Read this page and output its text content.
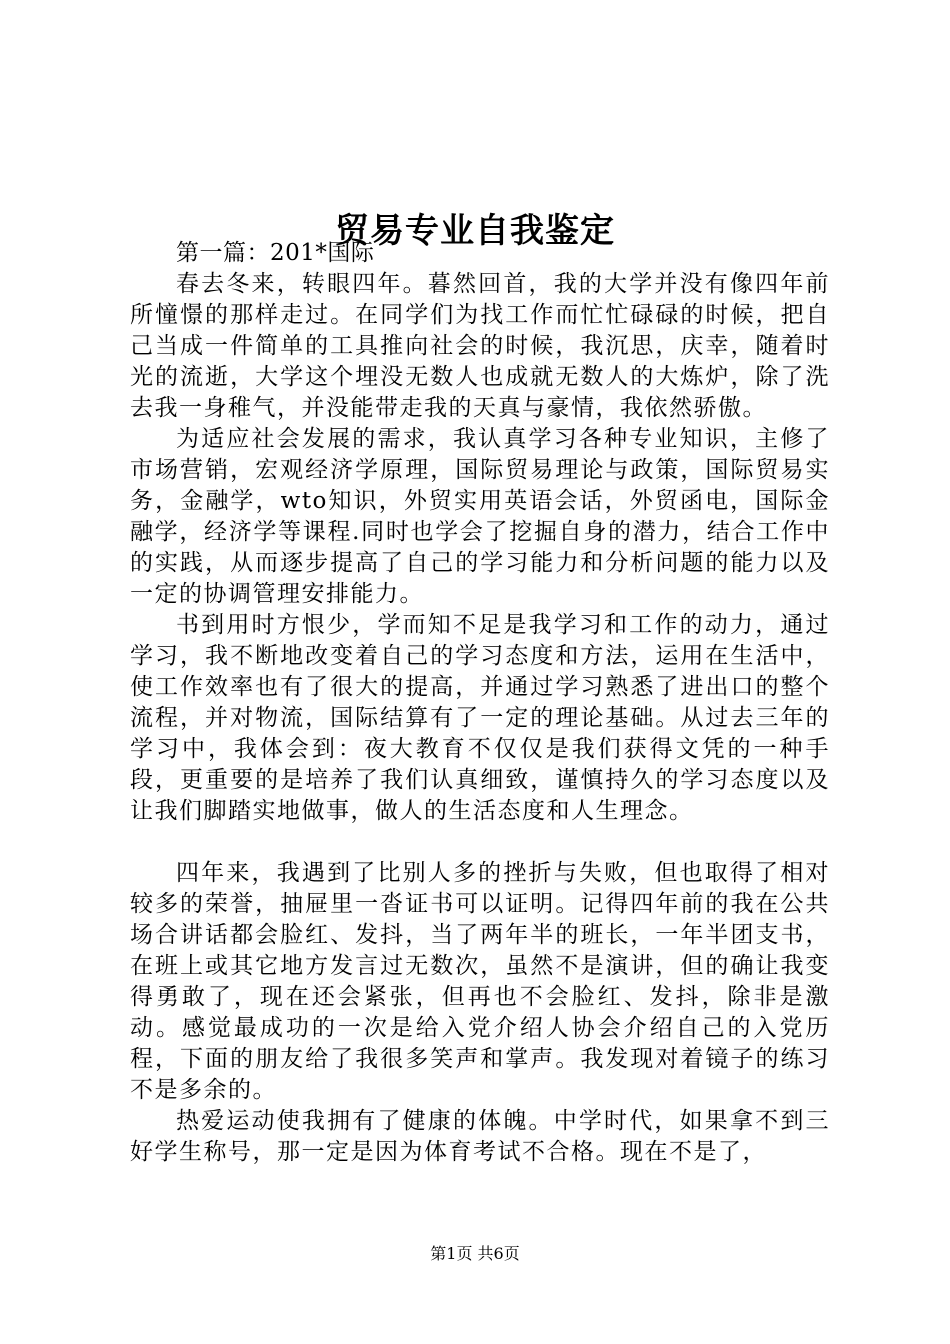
贸易专业自我鉴定

第一篇：201*国际

春去冬来，转眼四年。暮然回首，我的大学并没有像四年前所憧憬的那样走过。在同学们为找工作而忙忙碌碌的时候，把自己当成一件简单的工具推向社会的时候，我沉思，庆幸，随着时光的流逝，大学这个埋没无数人也成就无数人的大炼炉，除了洗去我一身稚气，并没能带走我的天真与豪情，我依然骄傲。

为适应社会发展的需求，我认真学习各种专业知识，主修了市场营销，宏观经济学原理，国际贸易理论与政策，国际贸易实务，金融学，wto知识，外贸实用英语会话，外贸函电，国际金融学，经济学等课程.同时也学会了挖掘自身的潜力，结合工作中的实践，从而逐步提高了自己的学习能力和分析问题的能力以及一定的协调管理安排能力。

书到用时方恨少，学而知不足是我学习和工作的动力，通过学习，我不断地改变着自己的学习态度和方法，运用在生活中，使工作效率也有了很大的提高，并通过学习熟悉了进出口的整个流程，并对物流，国际结算有了一定的理论基础。从过去三年的学习中，我体会到：夜大教育不仅仅是我们获得文凭的一种手段，更重要的是培养了我们认真细致，谨慎持久的学习态度以及让我们脚踏实地做事，做人的生活态度和人生理念。

四年来，我遇到了比别人多的挫折与失败，但也取得了相对较多的荣誉，抽屉里一沓证书可以证明。记得四年前的我在公共场合讲话都会脸红、发抖，当了两年半的班长，一年半团支书，在班上或其它地方发言过无数次，虽然不是演讲，但的确让我变得勇敢了，现在还会紧张，但再也不会脸红、发抖，除非是激动。感觉最成功的一次是给入党介绍人协会介绍自己的入党历程，下面的朋友给了我很多笑声和掌声。我发现对着镜子的练习不是多余的。

热爱运动使我拥有了健康的体魄。中学时代，如果拿不到三好学生称号，那一定是因为体育考试不合格。现在不是了，

第1页 共6页
